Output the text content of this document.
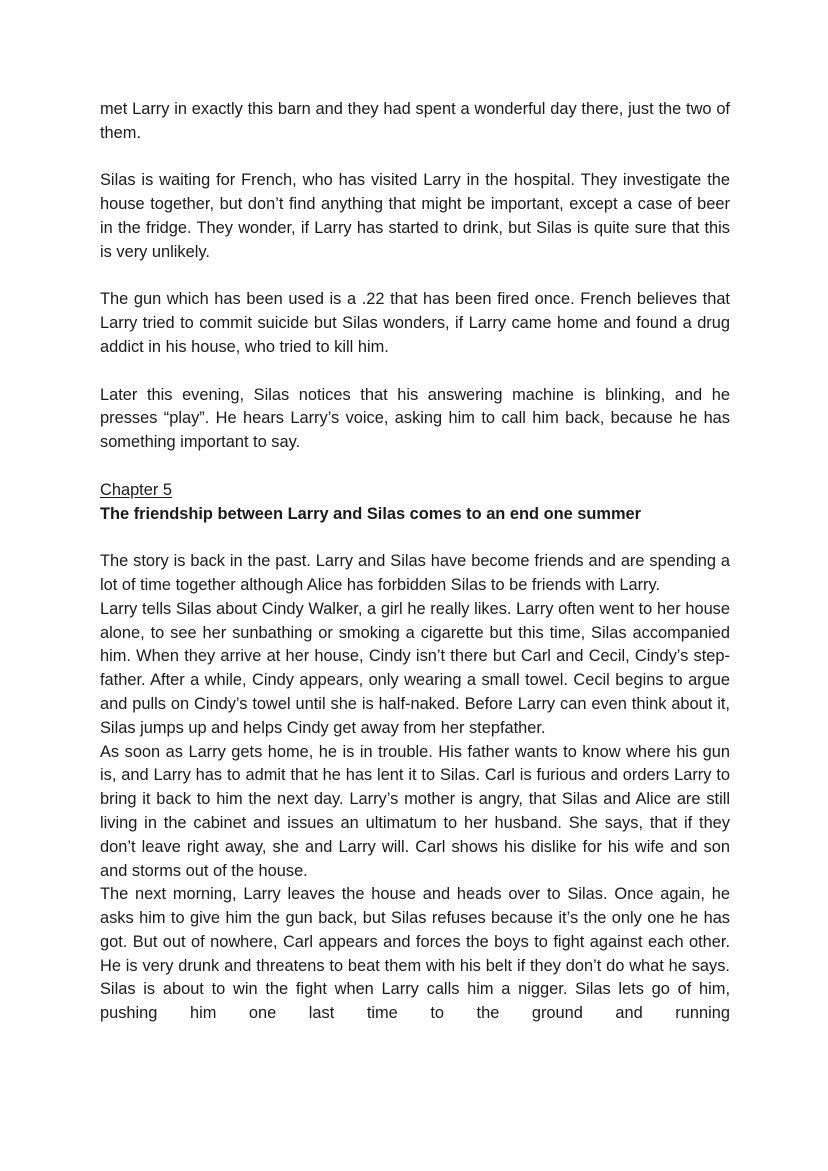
met Larry in exactly this barn and they had spent a wonderful day there, just the two of them.

Silas is waiting for French, who has visited Larry in the hospital. They investigate the house together, but don’t find anything that might be important, except a case of beer in the fridge. They wonder, if Larry has started to drink, but Silas is quite sure that this is very unlikely.

The gun which has been used is a .22 that has been fired once. French believes that Larry tried to commit suicide but Silas wonders, if Larry came home and found a drug addict in his house, who tried to kill him.

Later this evening, Silas notices that his answering machine is blinking, and he presses “play”. He hears Larry’s voice, asking him to call him back, because he has something important to say.

Chapter 5

The friendship between Larry and Silas comes to an end one summer

The story is back in the past. Larry and Silas have become friends and are spending a lot of time together although Alice has forbidden Silas to be friends with Larry.

Larry tells Silas about Cindy Walker, a girl he really likes. Larry often went to her house alone, to see her sunbathing or smoking a cigarette but this time, Silas accompanied him. When they arrive at her house, Cindy isn’t there but Carl and Cecil, Cindy’s step-father. After a while, Cindy appears, only wearing a small towel. Cecil begins to argue and pulls on Cindy’s towel until she is half-naked. Before Larry can even think about it, Silas jumps up and helps Cindy get away from her stepfather.

As soon as Larry gets home, he is in trouble. His father wants to know where his gun is, and Larry has to admit that he has lent it to Silas. Carl is furious and orders Larry to bring it back to him the next day. Larry’s mother is angry, that Silas and Alice are still living in the cabinet and issues an ultimatum to her husband. She says, that if they don’t leave right away, she and Larry will. Carl shows his dislike for his wife and son and storms out of the house.

The next morning, Larry leaves the house and heads over to Silas. Once again, he asks him to give him the gun back, but Silas refuses because it’s the only one he has got. But out of nowhere, Carl appears and forces the boys to fight against each other. He is very drunk and threatens to beat them with his belt if they don’t do what he says. Silas is about to win the fight when Larry calls him a nigger. Silas lets go of him, pushing him one last time to the ground and running
